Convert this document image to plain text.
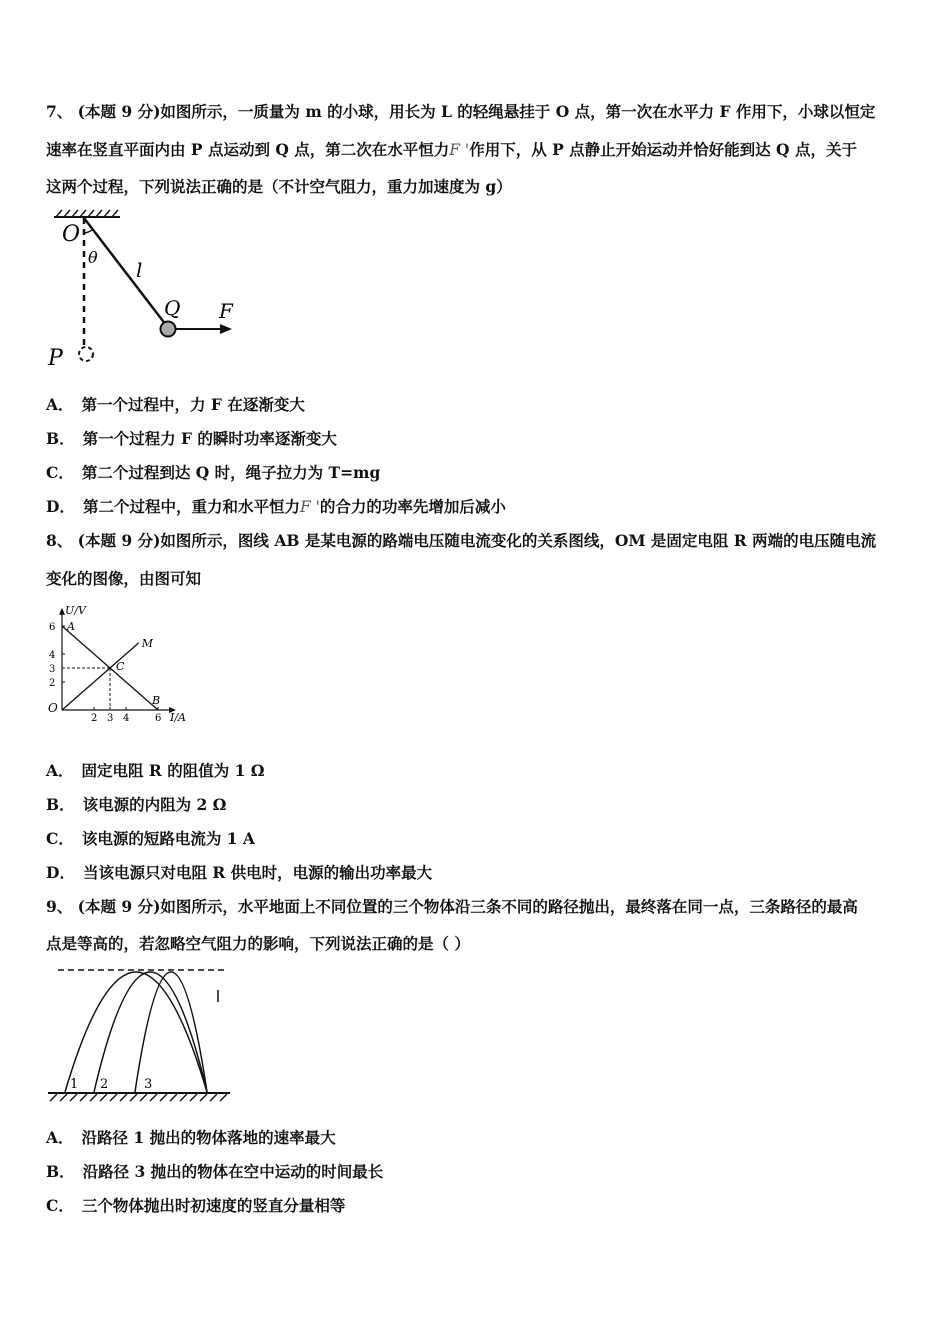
7、 (本题 9 分)如图所示，一质量为 m 的小球，用长为 L 的轻绳悬挂于 O 点，第一次在水平力 F 作用下，小球以恒定
速率在竖直平面内由 P 点运动到 Q 点，第二次在水平恒力F '作用下，从 P 点静止开始运动并恰好能到达 Q 点，关于
这两个过程，下列说法正确的是（不计空气阻力，重力加速度为 g）
O
θ
l
Q F
P
A． 第一个过程中，力 F 在逐渐变大
B． 第一个过程力 F 的瞬时功率逐渐变大
C． 第二个过程到达 Q 时，绳子拉力为 T=mg
D． 第二个过程中，重力和水平恒力F '的合力的功率先增加后减小
8、 (本题 9 分)如图所示，图线 AB 是某电源的路端电压随电流变化的关系图线，OM 是固定电阻 R 两端的电压随电流
变化的图像，由图可知
U/V
I/A
O
2 3 4	6
6
4
3
2
A
B
M
C
A． 固定电阻 R 的阻值为 1 Ω
B． 该电源的内阻为 2 Ω
C． 该电源的短路电流为 1 A
D． 当该电源只对电阻 R 供电时，电源的输出功率最大
9、 (本题 9 分)如图所示，水平地面上不同位置的三个物体沿三条不同的路径抛出，最终落在同一点，三条路径的最高
点是等高的，若忽略空气阻力的影响，下列说法正确的是（ ）
1 2	3
A． 沿路径 1 抛出的物体落地的速率最大
B． 沿路径 3 抛出的物体在空中运动的时间最长
C． 三个物体抛出时初速度的竖直分量相等
